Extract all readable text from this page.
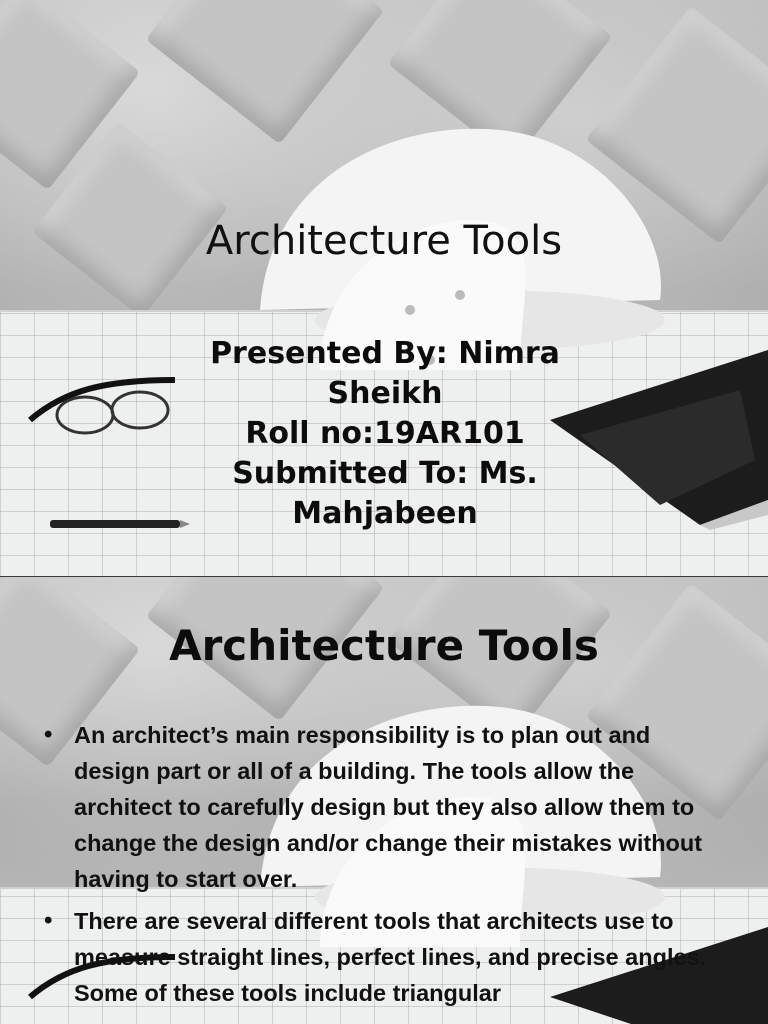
Architecture Tools
Presented By: Nimra
Sheikh
Roll no:19AR101
Submitted To: Ms.
Mahjabeen
Architecture Tools
• An architect’s main responsibility is to plan out and design part or all of a building. The tools allow the architect to carefully design but they also allow them to change the design and/or change their mistakes without having to start over.
• There are several different tools that architects use to measure straight lines, perfect lines, and precise angles. Some of these tools include triangular
